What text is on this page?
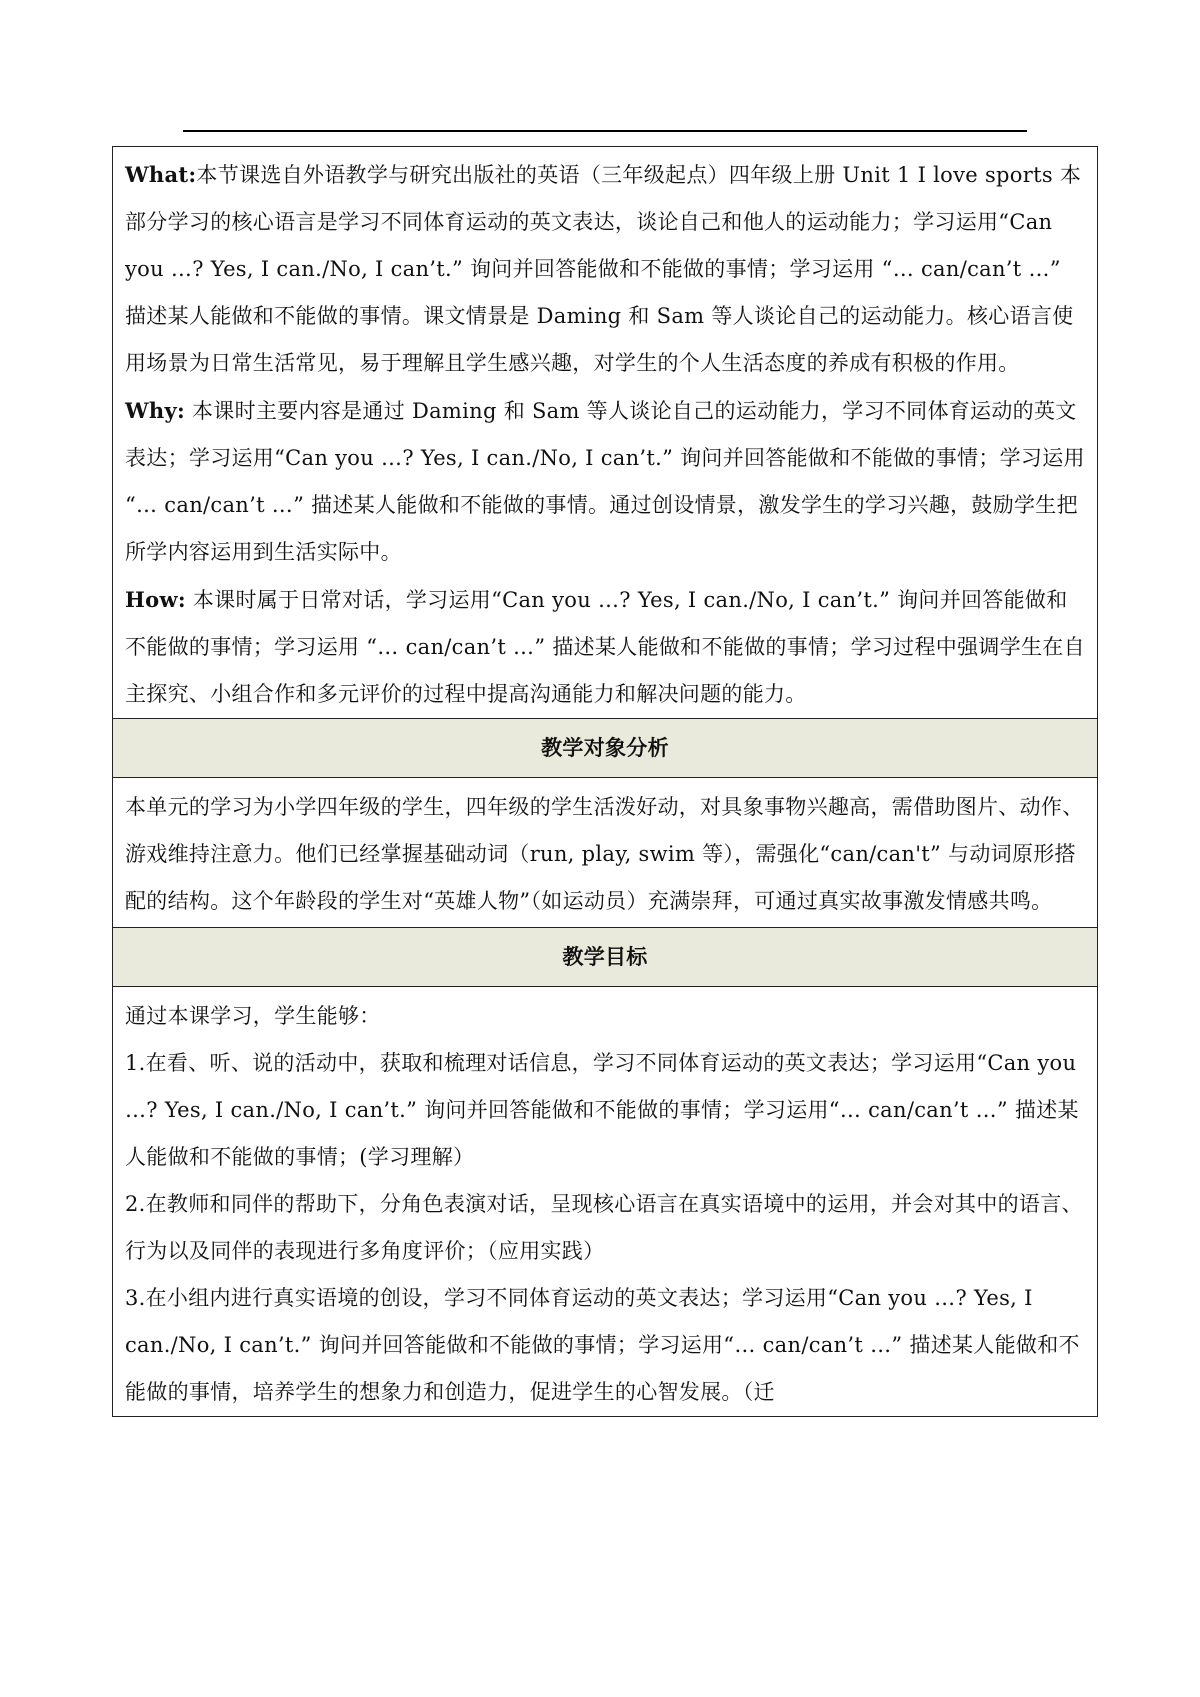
What:本节课选自外语教学与研究出版社的英语（三年级起点）四年级上册 Unit 1 I love sports 本部分学习的核心语言是学习不同体育运动的英文表达，谈论自己和他人的运动能力；学习运用“Can you …? Yes, I can./No, I can’t.” 询问并回答能做和不能做的事情；学习运用 “… can/can’t …” 描述某人能做和不能做的事情。课文情景是 Daming 和 Sam 等人谈论自己的运动能力。核心语言使用场景为日常生活常见，易于理解且学生感兴趣，对学生的个人生活态度的养成有积极的作用。

Why: 本课时主要内容是通过 Daming 和 Sam 等人谈论自己的运动能力，学习不同体育运动的英文表达；学习运用“Can you …? Yes, I can./No, I can’t.” 询问并回答能做和不能做的事情；学习运用 “… can/can’t …” 描述某人能做和不能做的事情。通过创设情景，激发学生的学习兴趣，鼓励学生把所学内容运用到生活实际中。

How: 本课时属于日常对话，学习运用“Can you …? Yes, I can./No, I can’t.” 询问并回答能做和不能做的事情；学习运用 “… can/can’t …” 描述某人能做和不能做的事情；学习过程中强调学生在自主探究、小组合作和多元评价的过程中提高沟通能力和解决问题的能力。

教学对象分析

本单元的学习为小学四年级的学生，四年级的学生活泼好动，对具象事物兴趣高，需借助图片、动作、游戏维持注意力。他们已经掌握基础动词（run, play, swim 等），需强化“can/can't” 与动词原形搭配的结构。这个年龄段的学生对“英雄人物”（如运动员）充满崇拜，可通过真实故事激发情感共鸣。

教学目标

通过本课学习，学生能够：

1.在看、听、说的活动中，获取和梳理对话信息，学习不同体育运动的英文表达；学习运用“Can you …? Yes, I can./No, I can’t.” 询问并回答能做和不能做的事情；学习运用“… can/can’t …” 描述某人能做和不能做的事情；(学习理解）

2.在教师和同伴的帮助下，分角色表演对话，呈现核心语言在真实语境中的运用，并会对其中的语言、行为以及同伴的表现进行多角度评价；（应用实践）

3.在小组内进行真实语境的创设，学习不同体育运动的英文表达；学习运用“Can you …? Yes, I can./No, I can’t.” 询问并回答能做和不能做的事情；学习运用“… can/can’t …” 描述某人能做和不能做的事情，培养学生的想象力和创造力，促进学生的心智发展。（迁
